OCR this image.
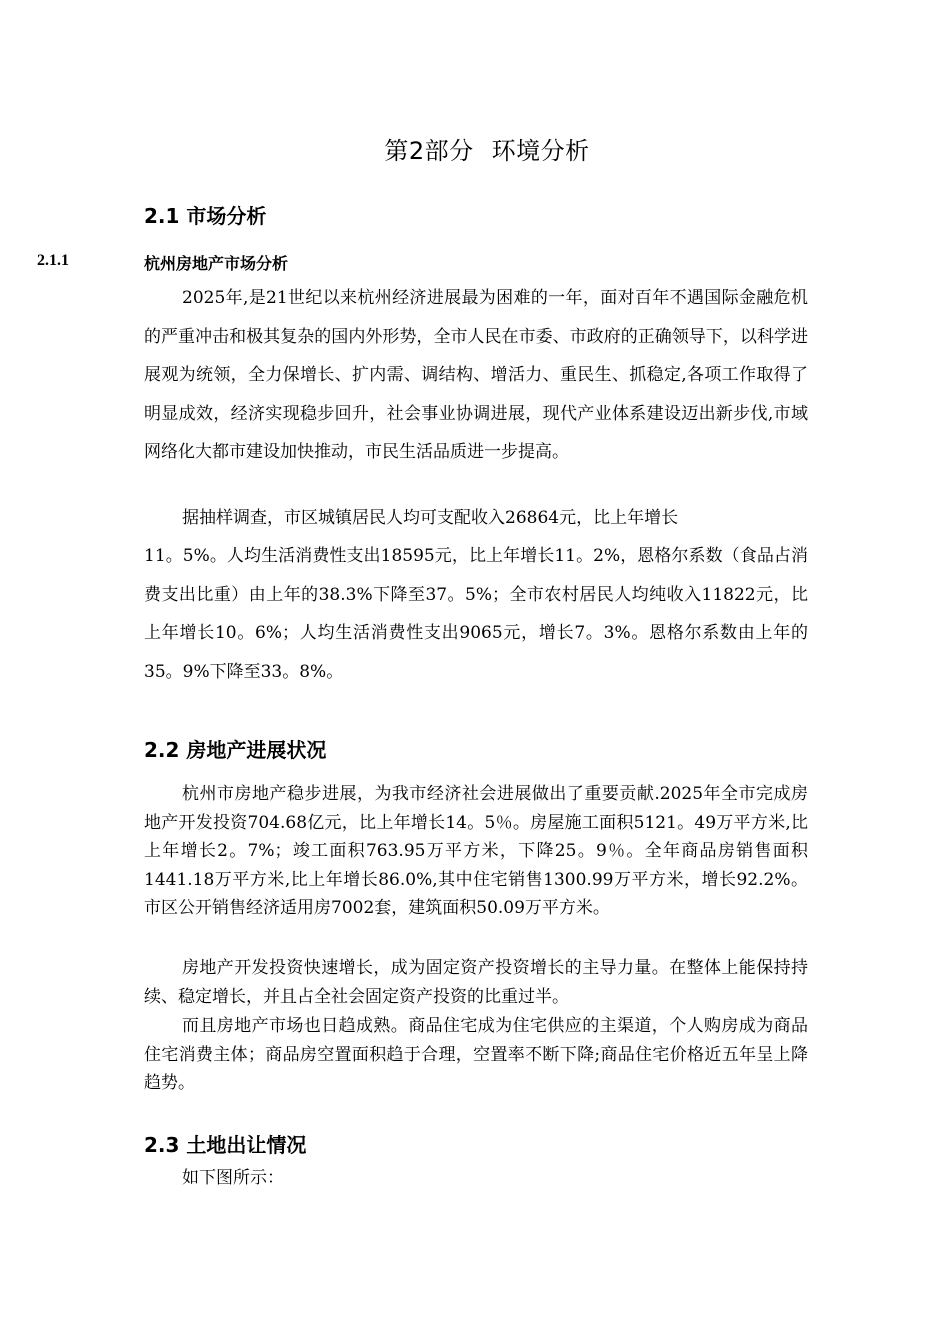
第2部分 环境分析
2.1 市场分析
2.1.1	杭州房地产市场分析

2025年,是21世纪以来杭州经济进展最为困难的一年，面对百年不遇国际金融危机的严重冲击和极其复杂的国内外形势，全市人民在市委、市政府的正确领导下，以科学进展观为统领，全力保增长、扩内需、调结构、增活力、重民生、抓稳定,各项工作取得了明显成效，经济实现稳步回升，社会事业协调进展，现代产业体系建设迈出新步伐,市域网络化大都市建设加快推动，市民生活品质进一步提高。

据抽样调查，市区城镇居民人均可支配收入26864元，比上年增长

11。5%。人均生活消费性支出18595元，比上年增长11。2%，恩格尔系数（食品占消费支出比重）由上年的38.3%下降至37。5%；全市农村居民人均纯收入11822元，比上年增长10。6%；人均生活消费性支出9065元，增长7。3%。恩格尔系数由上年的35。9%下降至33。8%。

2.2 房地产进展状况

杭州市房地产稳步进展，为我市经济社会进展做出了重要贡献.2025年全市完成房地产开发投资704.68亿元，比上年增长14。5％。房屋施工面积5121。49万平方米,比上年增长2。7%；竣工面积763.95万平方米，下降25。9％。全年商品房销售面积1441.18万平方米,比上年增长86.0%,其中住宅销售1300.99万平方米，增长92.2%。市区公开销售经济适用房7002套，建筑面积50.09万平方米。

房地产开发投资快速增长，成为固定资产投资增长的主导力量。在整体上能保持持续、稳定增长，并且占全社会固定资产投资的比重过半。

而且房地产市场也日趋成熟。商品住宅成为住宅供应的主渠道，个人购房成为商品住宅消费主体；商品房空置面积趋于合理，空置率不断下降;商品住宅价格近五年呈上降趋势。

2.3 土地出让情况

如下图所示：
